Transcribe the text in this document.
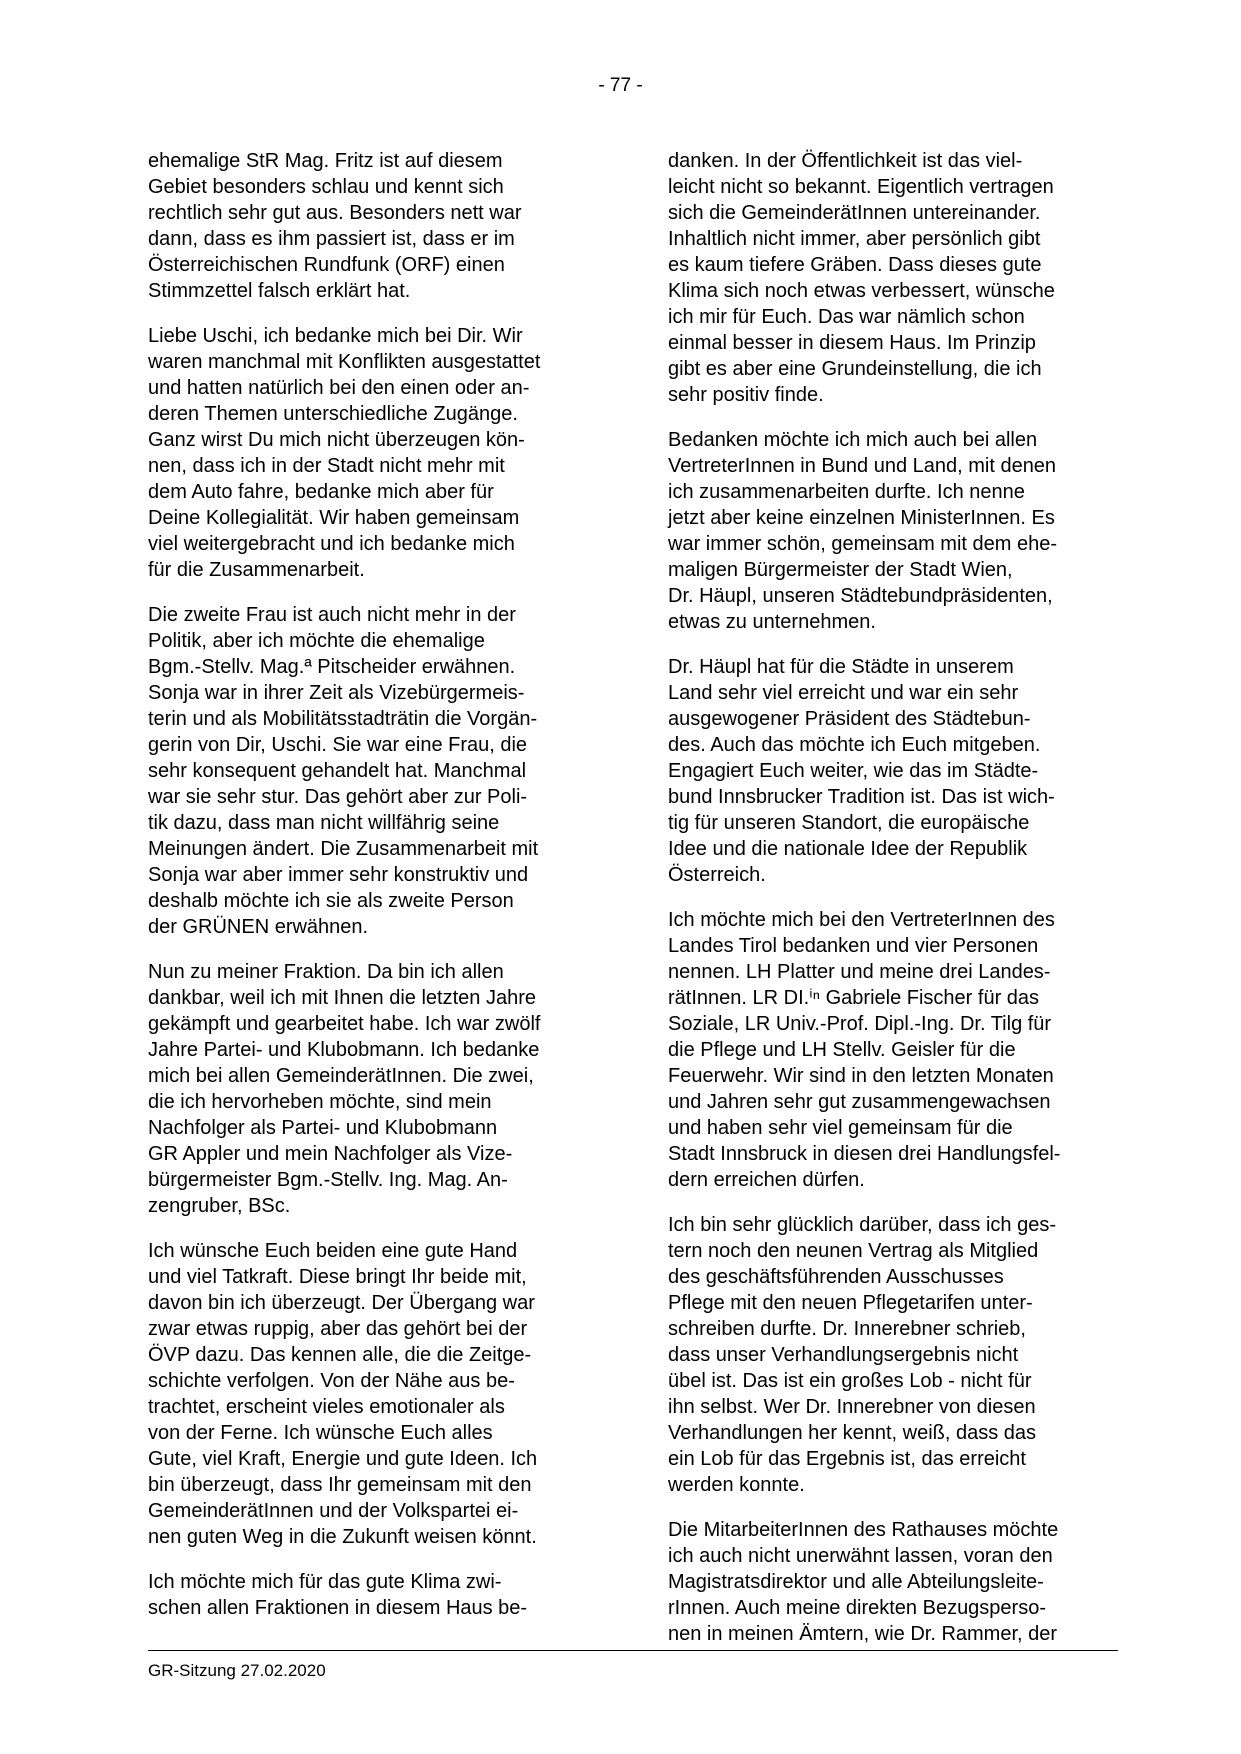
- 77 -

ehemalige StR Mag. Fritz ist auf diesem
Gebiet besonders schlau und kennt sich
rechtlich sehr gut aus. Besonders nett war
dann, dass es ihm passiert ist, dass er im
Österreichischen Rundfunk (ORF) einen
Stimmzettel falsch erklärt hat.

Liebe Uschi, ich bedanke mich bei Dir. Wir
waren manchmal mit Konflikten ausgestattet
und hatten natürlich bei den einen oder an-
deren Themen unterschiedliche Zugänge.
Ganz wirst Du mich nicht überzeugen kön-
nen, dass ich in der Stadt nicht mehr mit
dem Auto fahre, bedanke mich aber für
Deine Kollegialität. Wir haben gemeinsam
viel weitergebracht und ich bedanke mich
für die Zusammenarbeit.

Die zweite Frau ist auch nicht mehr in der
Politik, aber ich möchte die ehemalige
Bgm.-Stellv. Mag.ª Pitscheider erwähnen.
Sonja war in ihrer Zeit als Vizebürgermeis-
terin und als Mobilitätsstadträtin die Vorgän-
gerin von Dir, Uschi. Sie war eine Frau, die
sehr konsequent gehandelt hat. Manchmal
war sie sehr stur. Das gehört aber zur Poli-
tik dazu, dass man nicht willfährig seine
Meinungen ändert. Die Zusammenarbeit mit
Sonja war aber immer sehr konstruktiv und
deshalb möchte ich sie als zweite Person
der GRÜNEN erwähnen.

Nun zu meiner Fraktion. Da bin ich allen
dankbar, weil ich mit Ihnen die letzten Jahre
gekämpft und gearbeitet habe. Ich war zwölf
Jahre Partei- und Klubobmann. Ich bedanke
mich bei allen GemeinderätInnen. Die zwei,
die ich hervorheben möchte, sind mein
Nachfolger als Partei- und Klubobmann
GR Appler und mein Nachfolger als Vize-
bürgermeister Bgm.-Stellv. Ing. Mag. An-
zengruber, BSc.

Ich wünsche Euch beiden eine gute Hand
und viel Tatkraft. Diese bringt Ihr beide mit,
davon bin ich überzeugt. Der Übergang war
zwar etwas ruppig, aber das gehört bei der
ÖVP dazu. Das kennen alle, die die Zeitge-
schichte verfolgen. Von der Nähe aus be-
trachtet, erscheint vieles emotionaler als
von der Ferne. Ich wünsche Euch alles
Gute, viel Kraft, Energie und gute Ideen. Ich
bin überzeugt, dass Ihr gemeinsam mit den
GemeinderätInnen und der Volkspartei ei-
nen guten Weg in die Zukunft weisen könnt.

Ich möchte mich für das gute Klima zwi-
schen allen Fraktionen in diesem Haus be-

danken. In der Öffentlichkeit ist das viel-
leicht nicht so bekannt. Eigentlich vertragen
sich die GemeinderätInnen untereinander.
Inhaltlich nicht immer, aber persönlich gibt
es kaum tiefere Gräben. Dass dieses gute
Klima sich noch etwas verbessert, wünsche
ich mir für Euch. Das war nämlich schon
einmal besser in diesem Haus. Im Prinzip
gibt es aber eine Grundeinstellung, die ich
sehr positiv finde.

Bedanken möchte ich mich auch bei allen
VertreterInnen in Bund und Land, mit denen
ich zusammenarbeiten durfte. Ich nenne
jetzt aber keine einzelnen MinisterInnen. Es
war immer schön, gemeinsam mit dem ehe-
maligen Bürgermeister der Stadt Wien,
Dr. Häupl, unseren Städtebundpräsidenten,
etwas zu unternehmen.

Dr. Häupl hat für die Städte in unserem
Land sehr viel erreicht und war ein sehr
ausgewogener Präsident des Städtebun-
des. Auch das möchte ich Euch mitgeben.
Engagiert Euch weiter, wie das im Städte-
bund Innsbrucker Tradition ist. Das ist wich-
tig für unseren Standort, die europäische
Idee und die nationale Idee der Republik
Österreich.

Ich möchte mich bei den VertreterInnen des
Landes Tirol bedanken und vier Personen
nennen. LH Platter und meine drei Landes-
rätInnen. LR DI.ⁱⁿ Gabriele Fischer für das
Soziale, LR Univ.-Prof. Dipl.-Ing. Dr. Tilg für
die Pflege und LH Stellv. Geisler für die
Feuerwehr. Wir sind in den letzten Monaten
und Jahren sehr gut zusammengewachsen
und haben sehr viel gemeinsam für die
Stadt Innsbruck in diesen drei Handlungsfel-
dern erreichen dürfen.

Ich bin sehr glücklich darüber, dass ich ges-
tern noch den neunen Vertrag als Mitglied
des geschäftsführenden Ausschusses
Pflege mit den neuen Pflegetarifen unter-
schreiben durfte. Dr. Innerebner schrieb,
dass unser Verhandlungsergebnis nicht
übel ist. Das ist ein großes Lob - nicht für
ihn selbst. Wer Dr. Innerebner von diesen
Verhandlungen her kennt, weiß, dass das
ein Lob für das Ergebnis ist, das erreicht
werden konnte.

Die MitarbeiterInnen des Rathauses möchte
ich auch nicht unerwähnt lassen, voran den
Magistratsdirektor und alle Abteilungsleite-
rInnen. Auch meine direkten Bezugsperso-
nen in meinen Ämtern, wie Dr. Rammer, der

GR-Sitzung 27.02.2020
